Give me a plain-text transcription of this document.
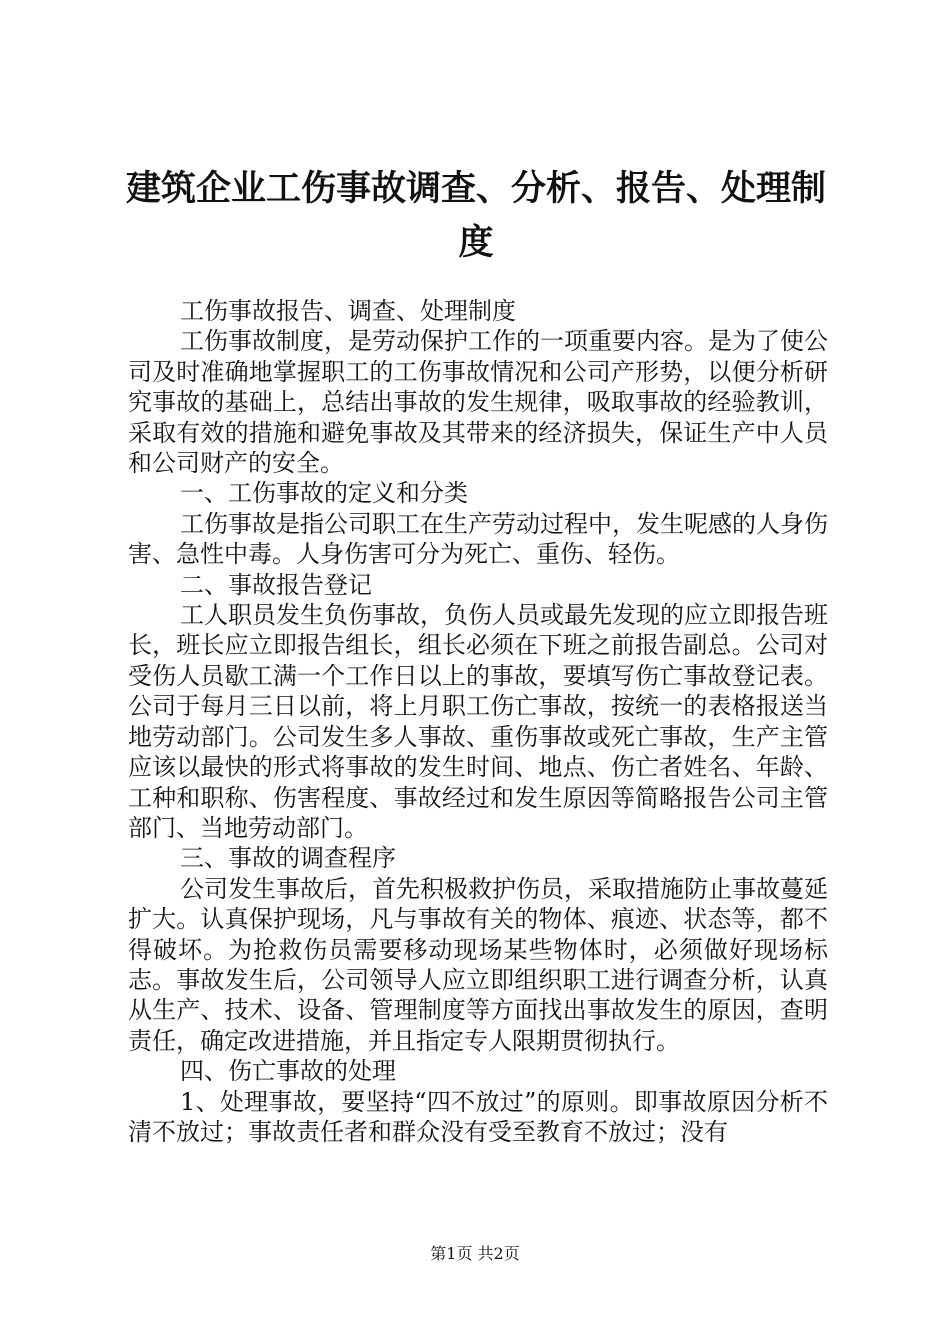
建筑企业工伤事故调查、分析、报告、处理制度

工伤事故报告、调查、处理制度

工伤事故制度，是劳动保护工作的一项重要内容。是为了使公司及时准确地掌握职工的工伤事故情况和公司产形势，以便分析研究事故的基础上，总结出事故的发生规律，吸取事故的经验教训，采取有效的措施和避免事故及其带来的经济损失，保证生产中人员和公司财产的安全。

一、工伤事故的定义和分类

工伤事故是指公司职工在生产劳动过程中，发生呢感的人身伤害、急性中毒。人身伤害可分为死亡、重伤、轻伤。

二、事故报告登记

工人职员发生负伤事故，负伤人员或最先发现的应立即报告班长，班长应立即报告组长，组长必须在下班之前报告副总。公司对受伤人员歇工满一个工作日以上的事故，要填写伤亡事故登记表。公司于每月三日以前，将上月职工伤亡事故，按统一的表格报送当地劳动部门。公司发生多人事故、重伤事故或死亡事故，生产主管应该以最快的形式将事故的发生时间、地点、伤亡者姓名、年龄、工种和职称、伤害程度、事故经过和发生原因等简略报告公司主管部门、当地劳动部门。

三、事故的调查程序

公司发生事故后，首先积极救护伤员，采取措施防止事故蔓延扩大。认真保护现场，凡与事故有关的物体、痕迹、状态等，都不得破坏。为抢救伤员需要移动现场某些物体时，必须做好现场标志。事故发生后，公司领导人应立即组织职工进行调查分析，认真从生产、技术、设备、管理制度等方面找出事故发生的原因，查明责任，确定改进措施，并且指定专人限期贯彻执行。

四、伤亡事故的处理

1、处理事故，要坚持“四不放过”的原则。即事故原因分析不清不放过；事故责任者和群众没有受至教育不放过；没有

第1页 共2页
